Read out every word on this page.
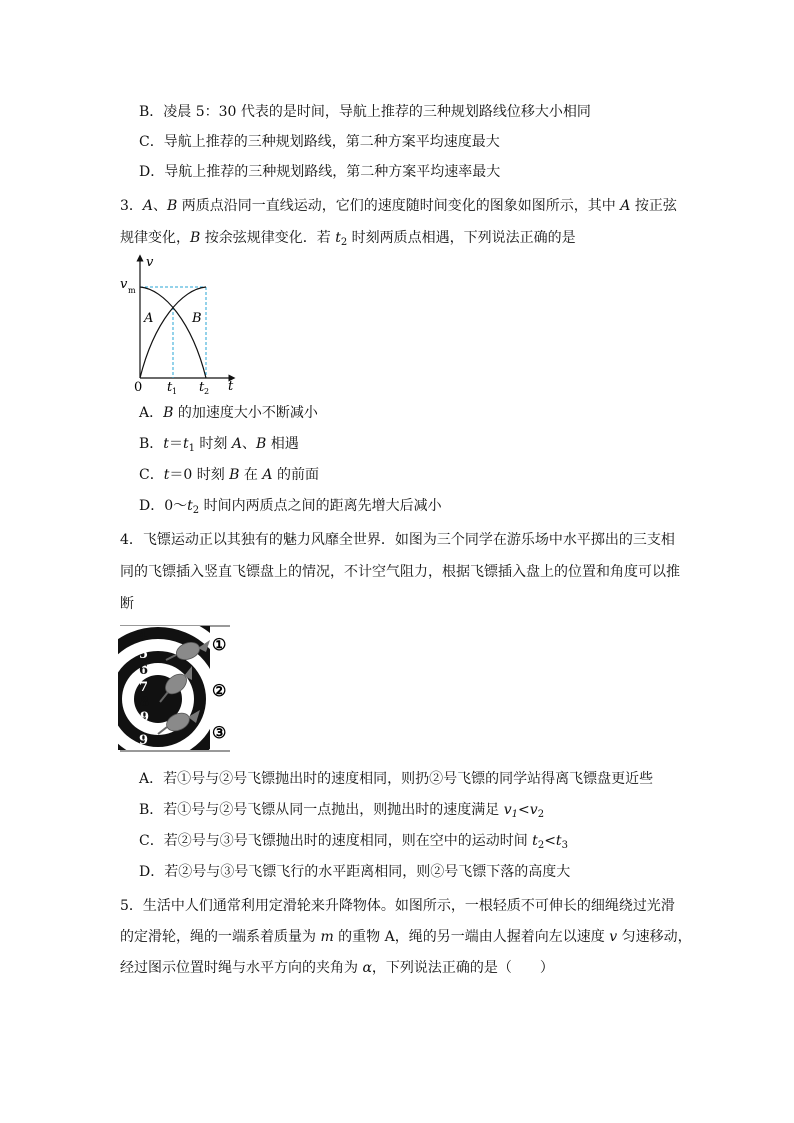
B．凌晨 5：30 代表的是时间，导航上推荐的三种规划路线位移大小相同
C．导航上推荐的三种规划路线，第二种方案平均速度最大
D．导航上推荐的三种规划路线，第二种方案平均速率最大
3．A、B 两质点沿同一直线运动，它们的速度随时间变化的图象如图所示，其中 A 按正弦
规律变化，B 按余弦规律变化．若 $t_2$ 时刻两质点相遇，下列说法正确的是
v
t
v m
0 t 1 t 2
A	B
A．B 的加速度大小不断减小
B．$t=t_1$ 时刻 A、B 相遇
C．t＝0 时刻 B 在 A 的前面
D．$0\sim t_2$ 时间内两质点之间的距离先增大后减小
4．飞镖运动正以其独有的魅力风靡全世界．如图为三个同学在游乐场中水平掷出的三支相
同的飞镖插入竖直飞镖盘上的情况，不计空气阻力，根据飞镖插入盘上的位置和角度可以推
断
4
5
6
7
8
9
9
①
②
③
A．若①号与②号飞镖抛出时的速度相同，则扔②号飞镖的同学站得离飞镖盘更近些
B．若①号与②号飞镖从同一点抛出，则抛出时的速度满足 $v_1<v_2$
C．若②号与③号飞镖抛出时的速度相同，则在空中的运动时间 $t_2<t_3$
D．若②号与③号飞镖飞行的水平距离相同，则②号飞镖下落的高度大
5．生活中人们通常利用定滑轮来升降物体。如图所示，一根轻质不可伸长的细绳绕过光滑
的定滑轮，绳的一端系着质量为 m 的重物 A，绳的另一端由人握着向左以速度 v 匀速移动，
经过图示位置时绳与水平方向的夹角为 α，下列说法正确的是（　　）
